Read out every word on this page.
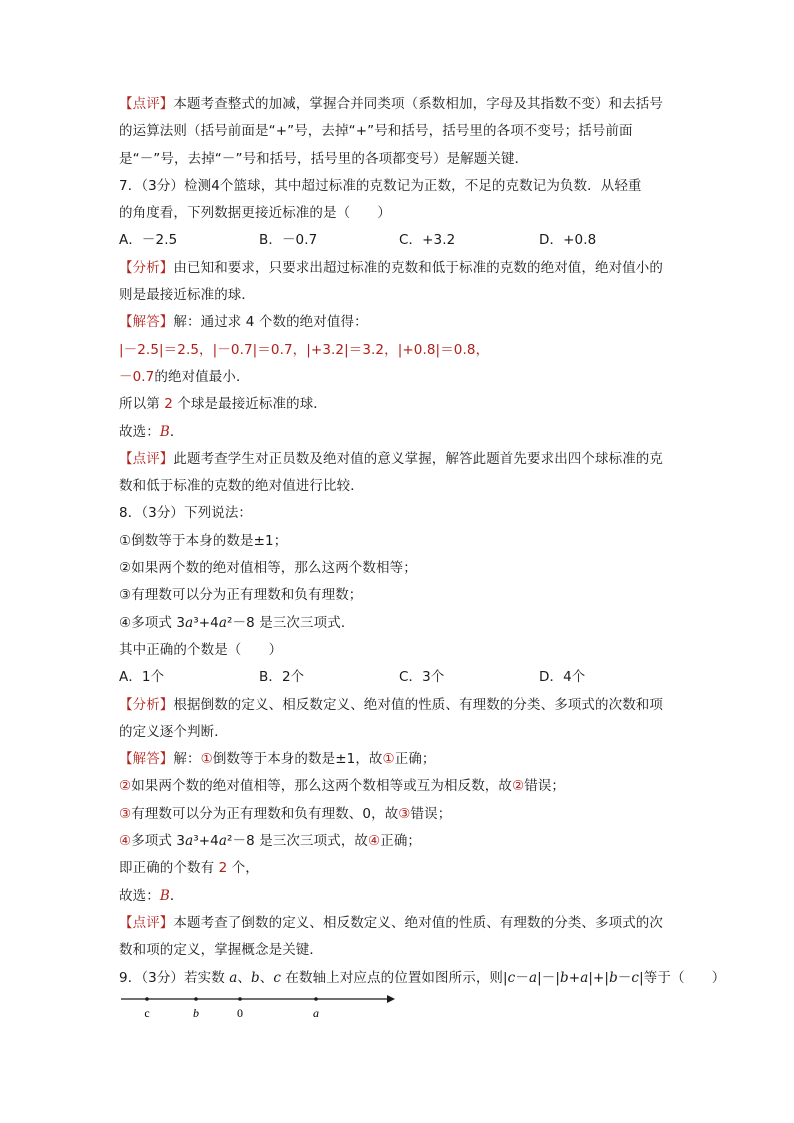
【点评】本题考查整式的加减，掌握合并同类项（系数相加，字母及其指数不变）和去括号
的运算法则（括号前面是“+”号，去掉“+”号和括号，括号里的各项不变号；括号前面
是“－”号，去掉“－”号和括号，括号里的各项都变号）是解题关键．
7．（3分）检测4个篮球，其中超过标准的克数记为正数，不足的克数记为负数．从轻重
的角度看，下列数据更接近标准的是（　　）
A．－2.5	B．－0.7	C．+3.2	D．+0.8
【分析】由已知和要求，只要求出超过标准的克数和低于标准的克数的绝对值，绝对值小的
则是最接近标准的球．
【解答】解：通过求 4 个数的绝对值得：
|－2.5|＝2.5，|－0.7|＝0.7，|+3.2|＝3.2，|+0.8|＝0.8，
－0.7的绝对值最小．
所以第 2 个球是最接近标准的球．
故选：B．
【点评】此题考查学生对正员数及绝对值的意义掌握，解答此题首先要求出四个球标准的克
数和低于标准的克数的绝对值进行比较．
8．（3分）下列说法：
①倒数等于本身的数是±1；
②如果两个数的绝对值相等，那么这两个数相等；
③有理数可以分为正有理数和负有理数；
④多项式 3a³+4a²－8 是三次三项式．
其中正确的个数是（　　）
A．1个	B．2个	C．3个	D．4个
【分析】根据倒数的定义、相反数定义、绝对值的性质、有理数的分类、多项式的次数和项
的定义逐个判断．
【解答】解：①倒数等于本身的数是±1，故①正确；
②如果两个数的绝对值相等，那么这两个数相等或互为相反数，故②错误；
③有理数可以分为正有理数和负有理数、0，故③错误；
④多项式 3a³+4a²－8 是三次三项式，故④正确；
即正确的个数有 2 个，
故选：B．
【点评】本题考查了倒数的定义、相反数定义、绝对值的性质、有理数的分类、多项式的次
数和项的定义，掌握概念是关键．
9．（3分）若实数 a、b、c 在数轴上对应点的位置如图所示，则|c－a|－|b+a|+|b－c|等于（　　）
c	b	0	a
